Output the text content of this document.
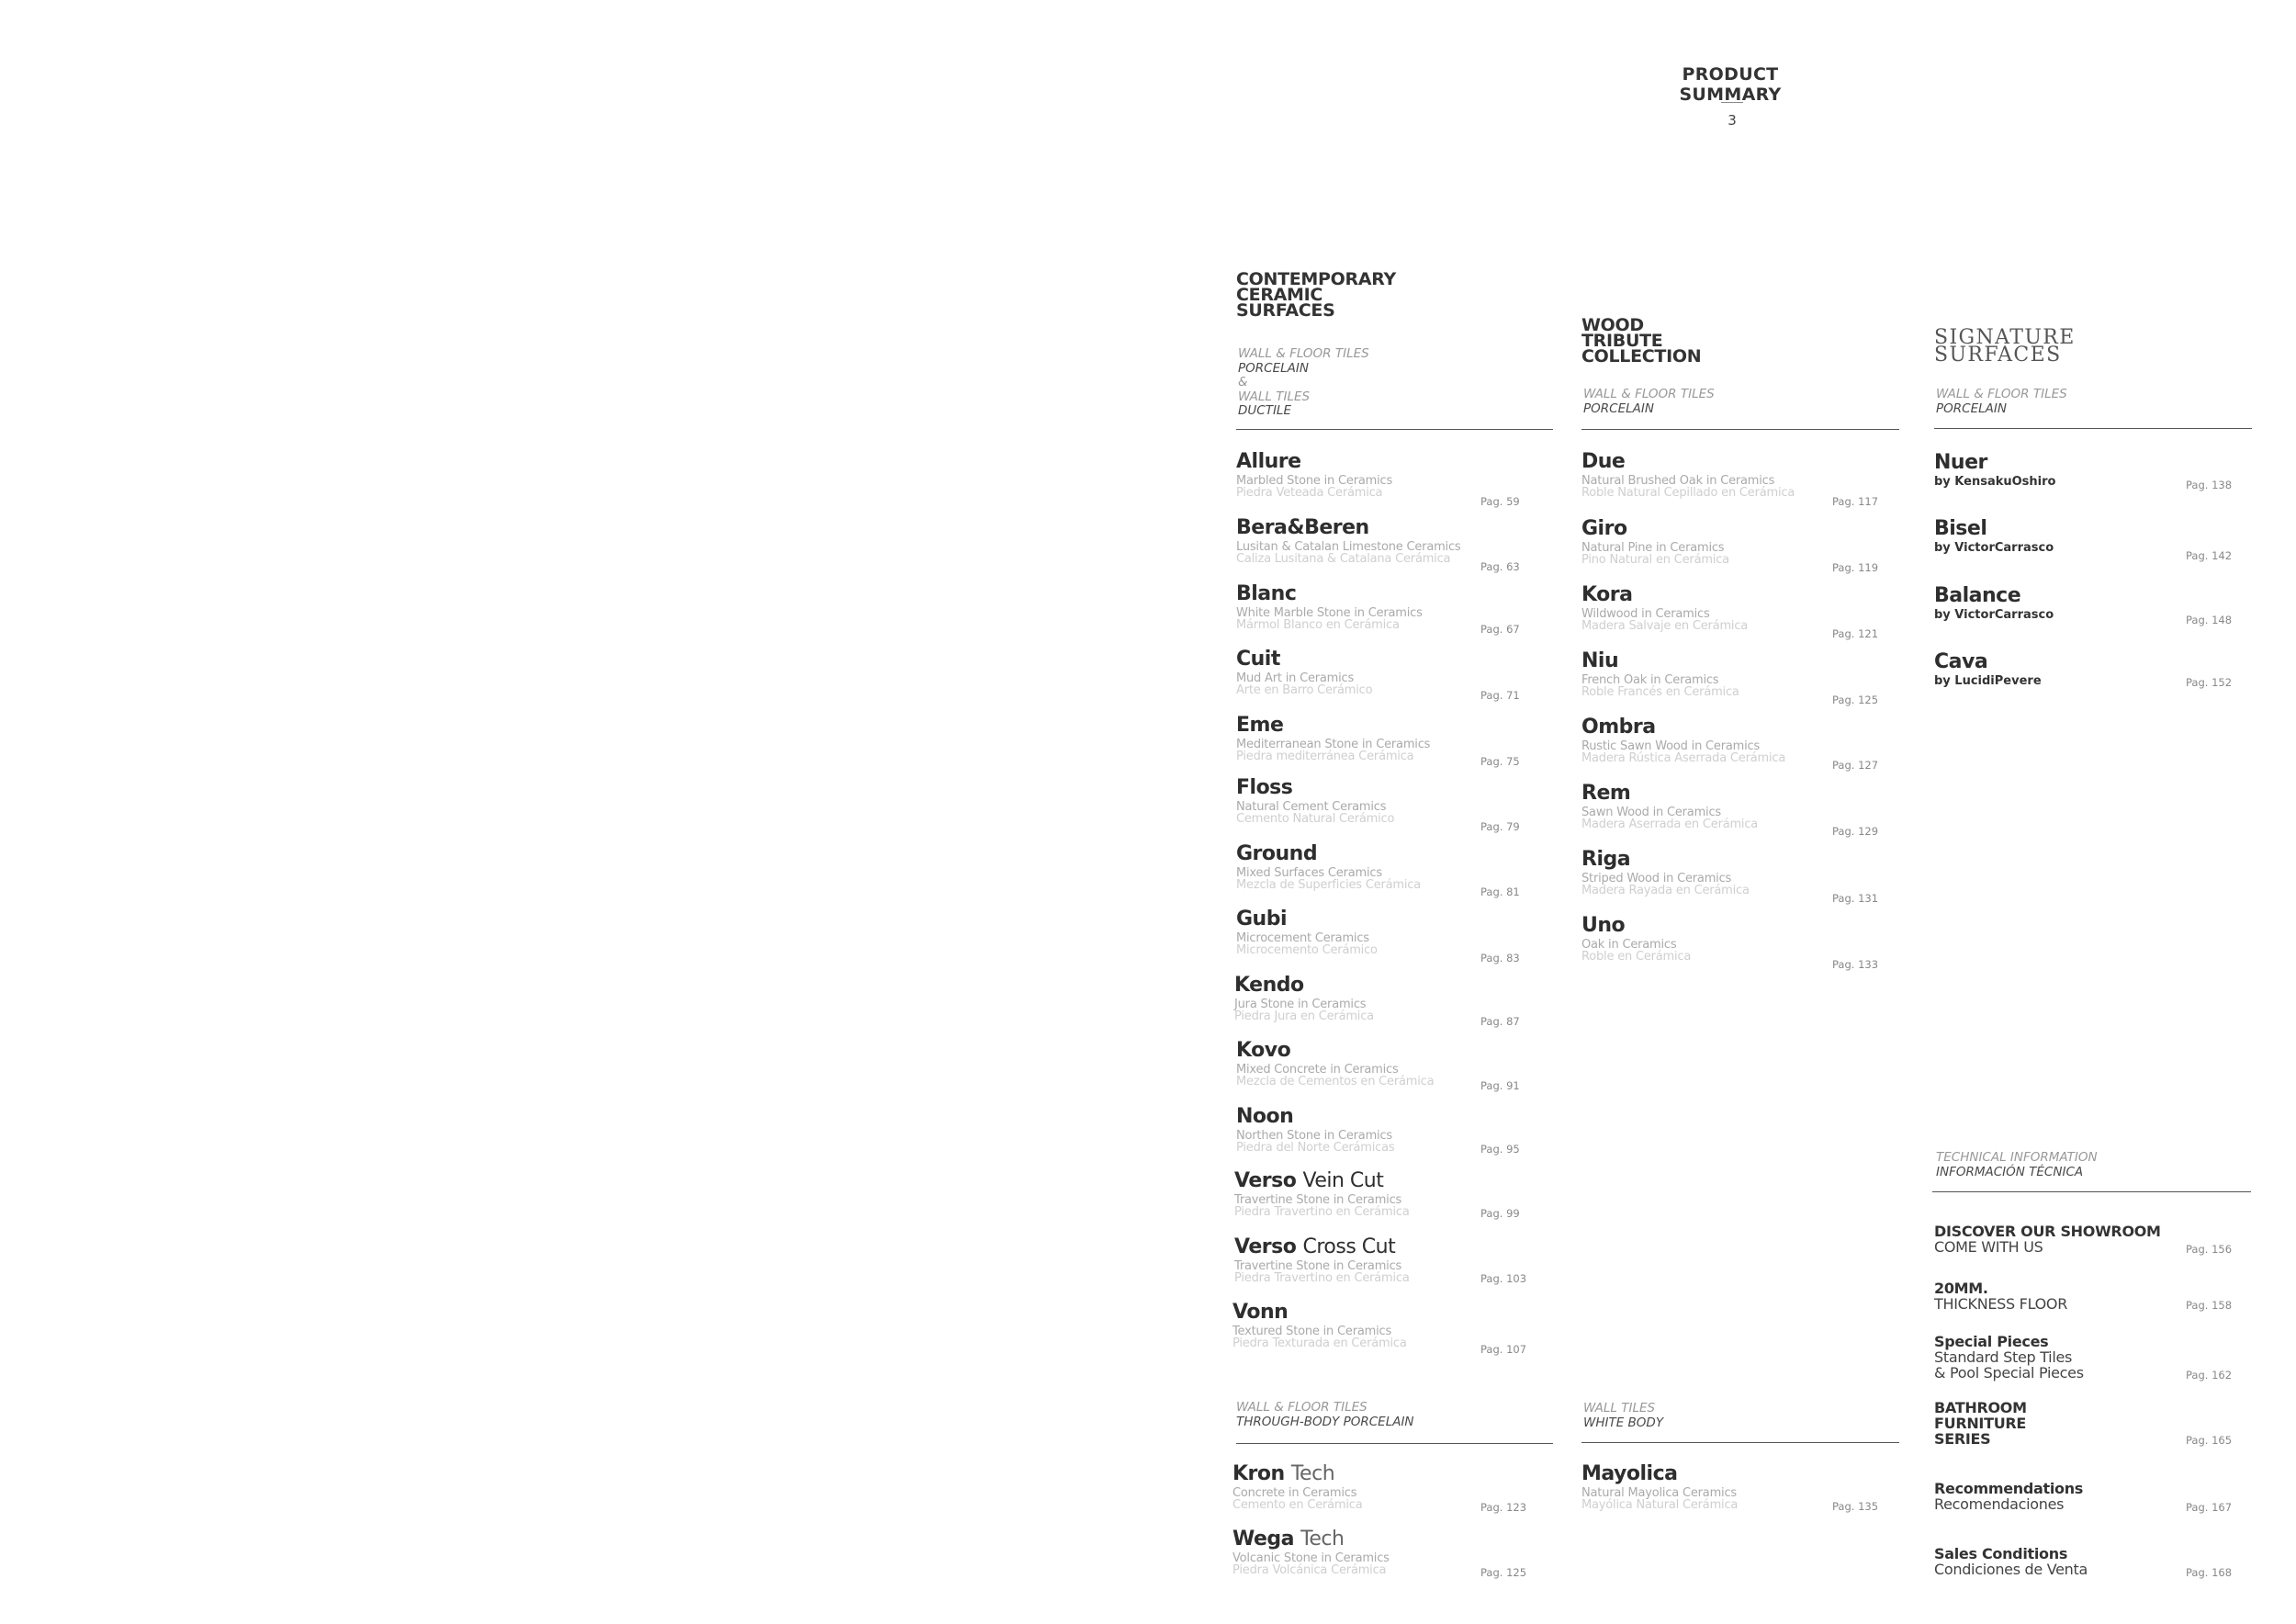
PRODUCT SUMMARY
3
CONTEMPORARY
CERAMIC
SURFACES
WALL & FLOOR TILES
PORCELAIN
&
WALL TILES
DUCTILE
Allure
Marbled Stone in Ceramics
Piedra Veteada Cerámica
Pag. 59
Bera&Beren
Lusitan & Catalan Limestone Ceramics
Caliza Lusitana & Catalana Cerámica
Pag. 63
Blanc
White Marble Stone in Ceramics
Mármol Blanco en Cerámica	Pag. 67
Cuit
Mud Art in Ceramics
Arte en Barro Cerámico	Pag. 71
Eme
Mediterranean Stone in Ceramics
Piedra mediterránea Cerámica	Pag. 75
Floss
Natural Cement Ceramics
Cemento Natural Cerámico
Pag. 79
Ground
Mixed Surfaces Ceramics
Mezcla de Superficies Cerámica	Pag. 81
Gubi
Microcement Ceramics
Microcemento Cerámico
Pag. 83
Kendo
Jura Stone in Ceramics
Piedra Jura en Cerámica	Pag. 87
Kovo
Mixed Concrete in Ceramics
Mezcla de Cementos en Cerámica	Pag. 91
Noon
Northen Stone in Ceramics
Piedra del Norte Cerámicas	Pag. 95
Verso Vein Cut
Travertine Stone in Ceramics
Piedra Travertino en Cerámica	Pag. 99
Verso Cross Cut
Travertine Stone in Ceramics
Piedra Travertino en Cerámica	Pag. 103
Vonn
Textured Stone in Ceramics
Piedra Texturada en Cerámica	Pag. 107
WALL & FLOOR TILES
THROUGH-BODY PORCELAIN
Kron Tech
Concrete in Ceramics
Cemento en Cerámica	Pag. 123
Wega Tech
Volcanic Stone in Ceramics
Piedra Volcánica Cerámica	Pag. 125
WOOD
TRIBUTE
COLLECTION
WALL & FLOOR TILES
PORCELAIN
Due
Natural Brushed Oak in Ceramics
Roble Natural Cepillado en Cerámica
Pag. 117
Giro
Natural Pine in Ceramics
Pino Natural en Cerámica
Pag. 119
Kora
Wildwood in Ceramics
Madera Salvaje en Cerámica
Pag. 121
Niu
French Oak in Ceramics
Roble Francés en Cerámica
Pag. 125
Ombra
Rustic Sawn Wood in Ceramics
Madera Rústica Aserrada Cerámica	Pag. 127
Rem
Sawn Wood in Ceramics
Madera Aserrada en Cerámica	Pag. 129
Riga
Striped Wood in Ceramics
Madera Rayada en Cerámica
Pag. 131
Uno
Oak in Ceramics
Roble en Cerámica
Pag. 133
WALL TILES
WHITE BODY
Mayolica
Natural Mayolica Ceramics
Mayólica Natural Cerámica	Pag. 135
SIGNATURE
SURFACES
WALL & FLOOR TILES
PORCELAIN
Nuer
by KensakuOshiro	Pag. 138
Bisel
by VictorCarrasco
Pag. 142
Balance
by VictorCarrasco	Pag. 148
Cava
by LucidiPevere	Pag. 152
TECHNICAL INFORMATION
INFORMACIÓN TÉCNICA
DISCOVER OUR SHOWROOM
COME WITH US	Pag. 156
20MM.
THICKNESS FLOOR	Pag. 158
Special Pieces
Standard Step Tiles
& Pool Special Pieces	Pag. 162
BATHROOM
FURNITURE
SERIES	Pag. 165
Recommendations
Recomendaciones	Pag. 167
Sales Conditions
Condiciones de Venta	Pag. 168
